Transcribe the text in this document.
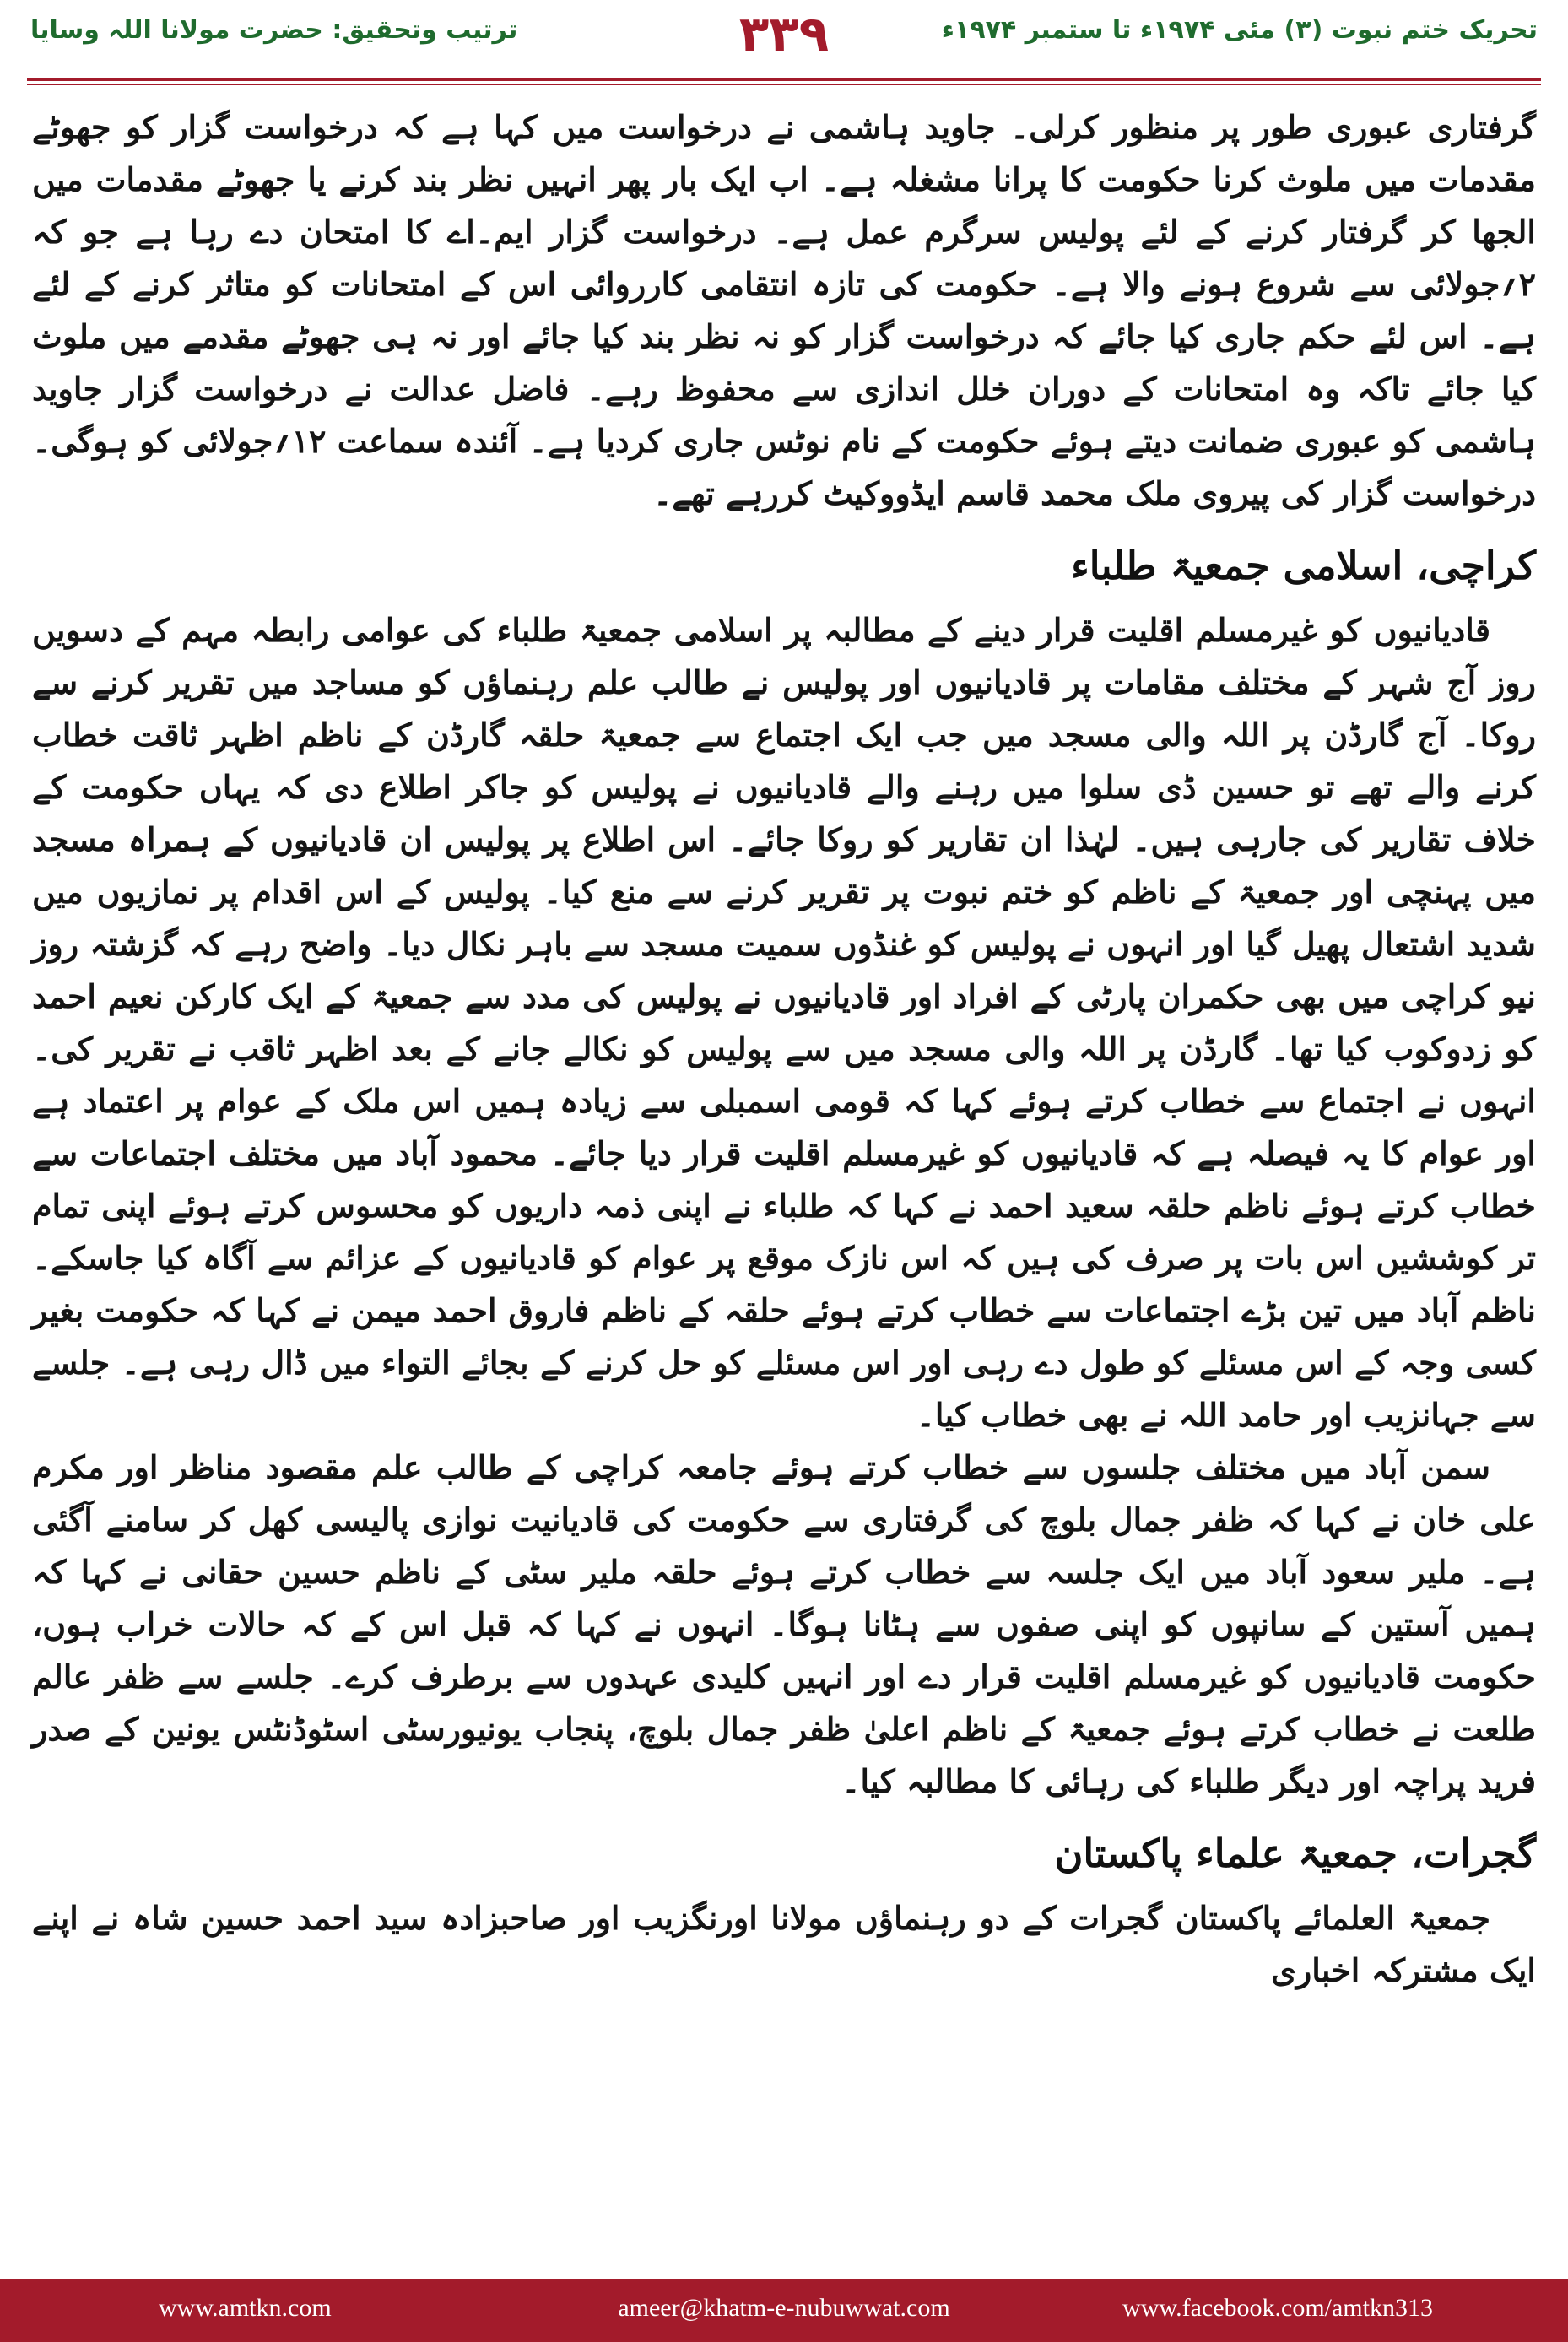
ترتیب وتحقیق: حضرت مولانا اللہ وسایا	۳۳۹	تحریک ختم نبوت (۳) مئی ۱۹۷۴ء تا ستمبر ۱۹۷۴ء

گرفتاری عبوری طور پر منظور کرلی۔ جاوید ہاشمی نے درخواست میں کہا ہے کہ درخواست گزار کو جھوٹے مقدمات میں ملوث کرنا حکومت کا پرانا مشغلہ ہے۔ اب ایک بار پھر انہیں نظر بند کرنے یا جھوٹے مقدمات میں الجھا کر گرفتار کرنے کے لئے پولیس سرگرم عمل ہے۔ درخواست گزار ایم۔اے کا امتحان دے رہا ہے جو کہ ۲؍جولائی سے شروع ہونے والا ہے۔ حکومت کی تازہ انتقامی کارروائی اس کے امتحانات کو متاثر کرنے کے لئے ہے۔ اس لئے حکم جاری کیا جائے کہ درخواست گزار کو نہ نظر بند کیا جائے اور نہ ہی جھوٹے مقدمے میں ملوث کیا جائے تاکہ وہ امتحانات کے دوران خلل اندازی سے محفوظ رہے۔ فاضل عدالت نے درخواست گزار جاوید ہاشمی کو عبوری ضمانت دیتے ہوئے حکومت کے نام نوٹس جاری کردیا ہے۔ آئندہ سماعت ۱۲؍جولائی کو ہوگی۔ درخواست گزار کی پیروی ملک محمد قاسم ایڈووکیٹ کررہے تھے۔

کراچی، اسلامی جمعیۃ طلباء

قادیانیوں کو غیرمسلم اقلیت قرار دینے کے مطالبہ پر اسلامی جمعیۃ طلباء کی عوامی رابطہ مہم کے دسویں روز آج شہر کے مختلف مقامات پر قادیانیوں اور پولیس نے طالب علم رہنماؤں کو مساجد میں تقریر کرنے سے روکا۔ آج گارڈن پر اللہ والی مسجد میں جب ایک اجتماع سے جمعیۃ حلقہ گارڈن کے ناظم اظہر ثاقت خطاب کرنے والے تھے تو حسین ڈی سلوا میں رہنے والے قادیانیوں نے پولیس کو جاکر اطلاع دی کہ یہاں حکومت کے خلاف تقاریر کی جارہی ہیں۔ لہٰذا ان تقاریر کو روکا جائے۔ اس اطلاع پر پولیس ان قادیانیوں کے ہمراہ مسجد میں پہنچی اور جمعیۃ کے ناظم کو ختم نبوت پر تقریر کرنے سے منع کیا۔ پولیس کے اس اقدام پر نمازیوں میں شدید اشتعال پھیل گیا اور انہوں نے پولیس کو غنڈوں سمیت مسجد سے باہر نکال دیا۔ واضح رہے کہ گزشتہ روز نیو کراچی میں بھی حکمران پارٹی کے افراد اور قادیانیوں نے پولیس کی مدد سے جمعیۃ کے ایک کارکن نعیم احمد کو زدوکوب کیا تھا۔ گارڈن پر اللہ والی مسجد میں سے پولیس کو نکالے جانے کے بعد اظہر ثاقب نے تقریر کی۔ انہوں نے اجتماع سے خطاب کرتے ہوئے کہا کہ قومی اسمبلی سے زیادہ ہمیں اس ملک کے عوام پر اعتماد ہے اور عوام کا یہ فیصلہ ہے کہ قادیانیوں کو غیرمسلم اقلیت قرار دیا جائے۔ محمود آباد میں مختلف اجتماعات سے خطاب کرتے ہوئے ناظم حلقہ سعید احمد نے کہا کہ طلباء نے اپنی ذمہ داریوں کو محسوس کرتے ہوئے اپنی تمام تر کوششیں اس بات پر صرف کی ہیں کہ اس نازک موقع پر عوام کو قادیانیوں کے عزائم سے آگاہ کیا جاسکے۔ ناظم آباد میں تین بڑے اجتماعات سے خطاب کرتے ہوئے حلقہ کے ناظم فاروق احمد میمن نے کہا کہ حکومت بغیر کسی وجہ کے اس مسئلے کو طول دے رہی اور اس مسئلے کو حل کرنے کے بجائے التواء میں ڈال رہی ہے۔ جلسے سے جہانزیب اور حامد اللہ نے بھی خطاب کیا۔

سمن آباد میں مختلف جلسوں سے خطاب کرتے ہوئے جامعہ کراچی کے طالب علم مقصود مناظر اور مکرم علی خان نے کہا کہ ظفر جمال بلوچ کی گرفتاری سے حکومت کی قادیانیت نوازی پالیسی کھل کر سامنے آگئی ہے۔ ملیر سعود آباد میں ایک جلسہ سے خطاب کرتے ہوئے حلقہ ملیر سٹی کے ناظم حسین حقانی نے کہا کہ ہمیں آستین کے سانپوں کو اپنی صفوں سے ہٹانا ہوگا۔ انہوں نے کہا کہ قبل اس کے کہ حالات خراب ہوں، حکومت قادیانیوں کو غیرمسلم اقلیت قرار دے اور انہیں کلیدی عہدوں سے برطرف کرے۔ جلسے سے ظفر عالم طلعت نے خطاب کرتے ہوئے جمعیۃ کے ناظم اعلیٰ ظفر جمال بلوچ، پنجاب یونیورسٹی اسٹوڈنٹس یونین کے صدر فرید پراچہ اور دیگر طلباء کی رہائی کا مطالبہ کیا۔

گجرات، جمعیۃ علماء پاکستان

جمعیۃ العلمائے پاکستان گجرات کے دو رہنماؤں مولانا اورنگزیب اور صاحبزادہ سید احمد حسین شاہ نے اپنے ایک مشترکہ اخباری

www.amtkn.com	ameer@khatm-e-nubuwwat.com	www.facebook.com/amtkn313
